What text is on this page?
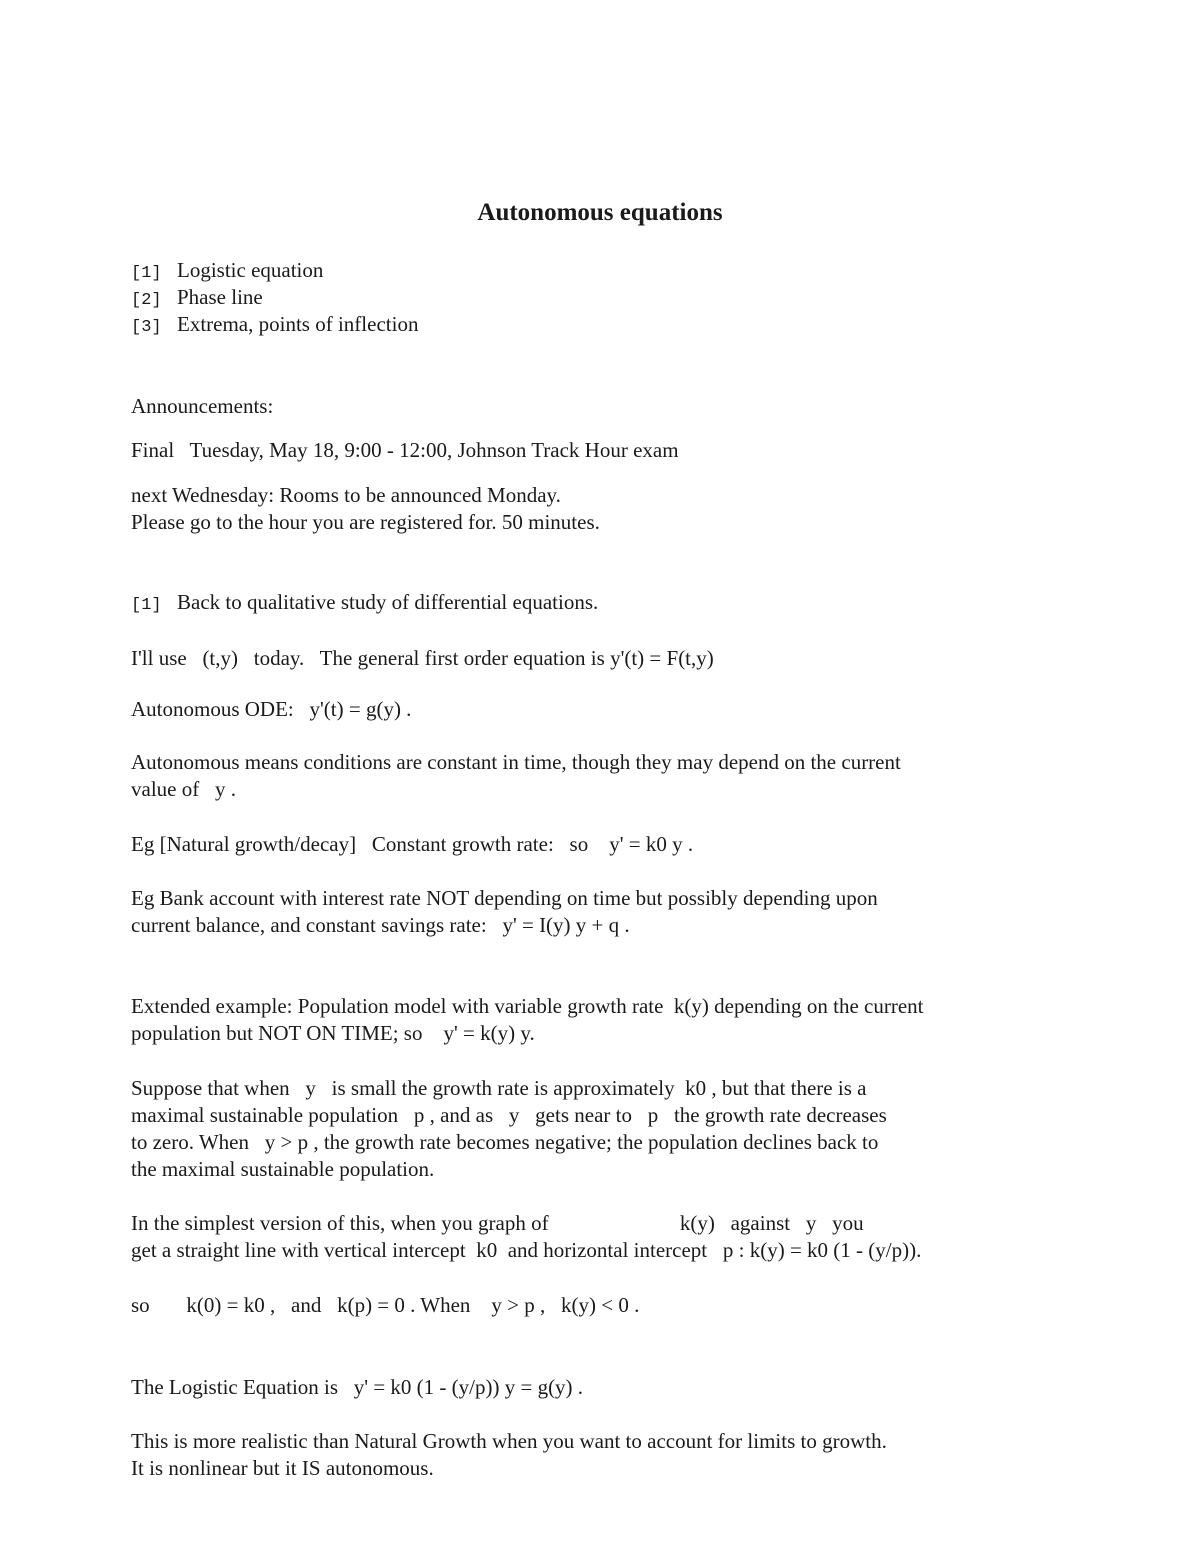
Autonomous equations
[1] Logistic equation
[2] Phase line
[3] Extrema, points of inflection
Announcements:
Final   Tuesday, May 18, 9:00 - 12:00, Johnson Track Hour exam
next Wednesday: Rooms to be announced Monday.
Please go to the hour you are registered for. 50 minutes.
[1] Back to qualitative study of differential equations.
I'll use   (t,y)   today.   The general first order equation is y'(t) = F(t,y)
Autonomous ODE:   y'(t) = g(y) .
Autonomous means conditions are constant in time, though they may depend on the current
value of   y .
Eg [Natural growth/decay]   Constant growth rate:   so    y' = k0 y .
Eg Bank account with interest rate NOT depending on time but possibly depending upon
current balance, and constant savings rate:   y' = I(y) y + q .
Extended example: Population model with variable growth rate  k(y) depending on the current
population but NOT ON TIME; so    y' = k(y) y.
Suppose that when   y   is small the growth rate is approximately  k0 , but that there is a
maximal sustainable population   p , and as   y   gets near to   p   the growth rate decreases
to zero. When   y > p , the growth rate becomes negative; the population declines back to
the maximal sustainable population.
In the simplest version of this, when you graph of                         k(y)   against   y   you
get a straight line with vertical intercept  k0  and horizontal intercept   p : k(y) = k0 (1 - (y/p)).
so       k(0) = k0 ,   and   k(p) = 0 . When    y > p ,   k(y) < 0 .
The Logistic Equation is   y' = k0 (1 - (y/p)) y = g(y) .
This is more realistic than Natural Growth when you want to account for limits to growth.
It is nonlinear but it IS autonomous.
